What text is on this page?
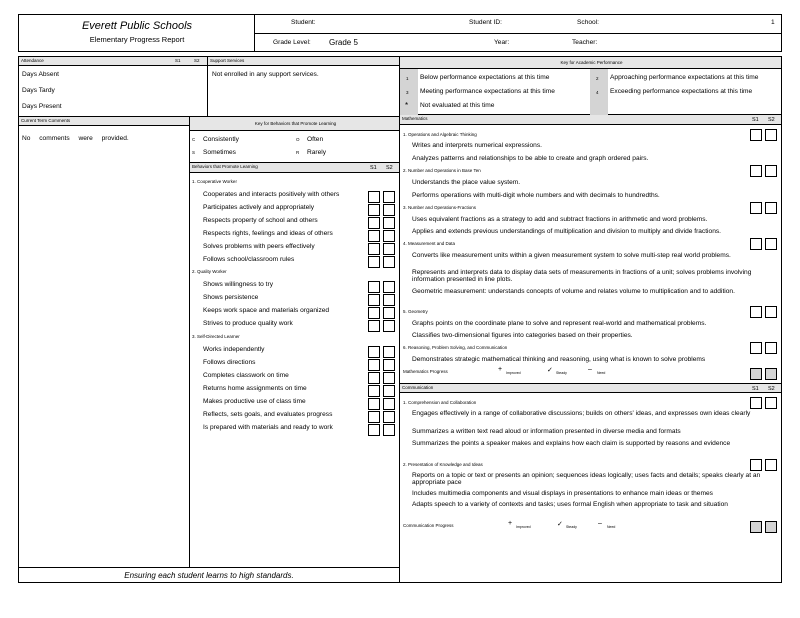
Everett Public Schools
Elementary Progress Report
Student:	Student ID:	School:	1
Grade Level: Grade 5	Year:	Teacher:
Attendance	S1	S2
Days Absent
Days Tardy
Days Present
Support Services
Not enrolled in any support services.
Current Term Comments
No comments were provided.
Key for Behaviors that Promote Learning
C Consistently	O Often
S Sometimes	R Rarely
Behaviors that Promote Learning	S1 S2
1. Cooperative Worker
Cooperates and interacts positively with others
Participates actively and appropriately
Respects property of school and others
Respects rights, feelings and ideas of others
Solves problems with peers effectively
Follows school/classroom rules
2. Quality Worker
Shows willingness to try
Shows persistence
Keeps work space and materials organized
Strives to produce quality work
3. Self-Directed Learner
Works independently
Follows directions
Completes classwork on time
Returns home assignments on time
Makes productive use of class time
Reflects, sets goals, and evaluates progress
Is prepared with materials and ready to work
Ensuring each student learns to high standards.
Key for Academic Performance
1 Below performance expectations at this time	2 Approaching performance expectations at this time
3 Meeting performance expectations at this time	4 Exceeding performance expectations at this time
* Not evaluated at this time
Mathematics	S1 S2
1. Operations and Algebraic Thinking
Writes and interprets numerical expressions.
Analyzes patterns and relationships to be able to create and graph ordered pairs.
2. Number and Operations in Base Ten
Understands the place value system.
Performs operations with multi-digit whole numbers and with decimals to hundredths.
3. Number and Operations-Fractions
Uses equivalent fractions as a strategy to add and subtract fractions in arithmetic and word problems.
Applies and extends previous understandings of multiplication and division to multiply and divide fractions.
4. Measurement and Data
Converts like measurement units within a given measurement system to solve multi-step real world problems.
Represents and interprets data to display data sets of measurements in fractions of a unit; solves problems involving information presented in line plots.
Geometric measurement: understands concepts of volume and relates volume to multiplication and to addition.
5. Geometry
Graphs points on the coordinate plane to solve and represent real-world and mathematical problems.
Classifies two-dimensional figures into categories based on their properties.
6. Reasoning, Problem Solving, and Communication
Demonstrates strategic mathematical thinking and reasoning, using what is known to solve problems
Mathematics Progress	+ Improved	✓ Steady	– Need
Communication	S1 S2
1. Comprehension and Collaboration
Engages effectively in a range of collaborative discussions; builds on others' ideas, and expresses own ideas clearly
Summarizes a written text read aloud or information presented in diverse media and formats
Summarizes the points a speaker makes and explains how each claim is supported by reasons and evidence
2. Presentation of Knowledge and Ideas
Reports on a topic or text or presents an opinion; sequences ideas logically; uses facts and details; speaks clearly at an appropriate pace
Includes multimedia components and visual displays in presentations to enhance main ideas or themes
Adapts speech to a variety of contexts and tasks; uses formal English when appropriate to task and situation
Communication Progress	+ Improved	✓ Steady	– Need
